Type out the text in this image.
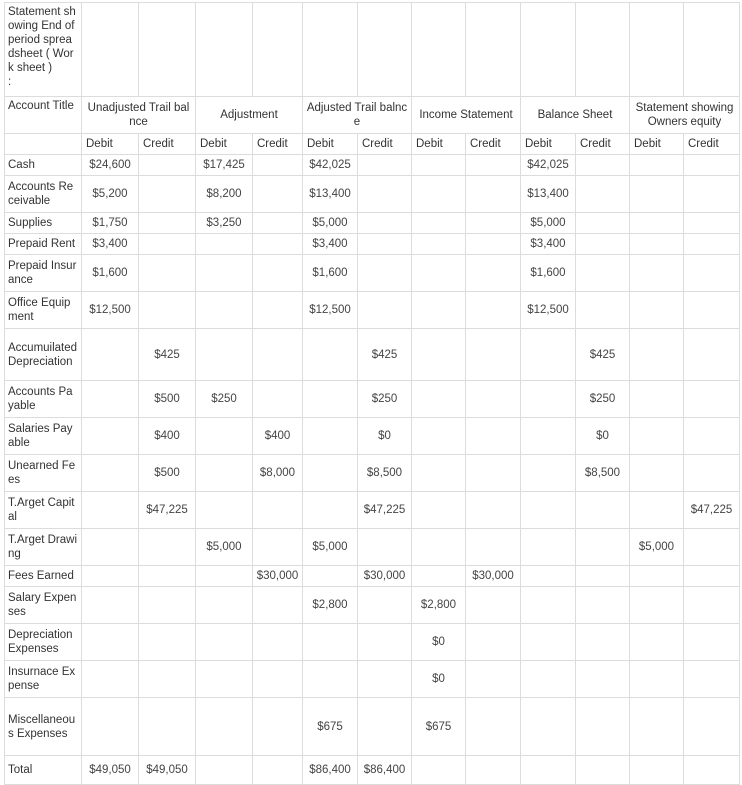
Statement showing End of period spreadsheet ( Work sheet )
:												
Account Title	Unadjusted Trail balnce		Adjustment		Adjusted Trail balnce		Income Statement		Balance Sheet		Statement showing Owners equity	
	Debit	Credit	Debit	Credit	Debit	Credit	Debit	Credit	Debit	Credit	Debit	Credit
Cash	$24,600		$17,425		$42,025				$42,025			
Accounts Receivable	$5,200		$8,200		$13,400				$13,400			
Supplies	$1,750		$3,250		$5,000				$5,000			
Prepaid Rent	$3,400				$3,400				$3,400			
Prepaid Insurance	$1,600				$1,600				$1,600			
Office Equipment	$12,500				$12,500				$12,500			
Accumuilated Depreciation		$425				$425				$425		
Accounts Payable		$500	$250			$250				$250		
Salaries Payable		$400		$400		$0				$0		
Unearned Fees		$500		$8,000		$8,500				$8,500		
T.Arget Capital		$47,225				$47,225						$47,225
T.Arget Drawing			$5,000		$5,000						$5,000	
Fees Earned				$30,000		$30,000		$30,000				
Salary Expenses					$2,800		$2,800					
Depreciation Expenses							$0					
Insurnace Expense							$0					
Miscellaneous Expenses					$675		$675					
Total	$49,050	$49,050			$86,400	$86,400						
